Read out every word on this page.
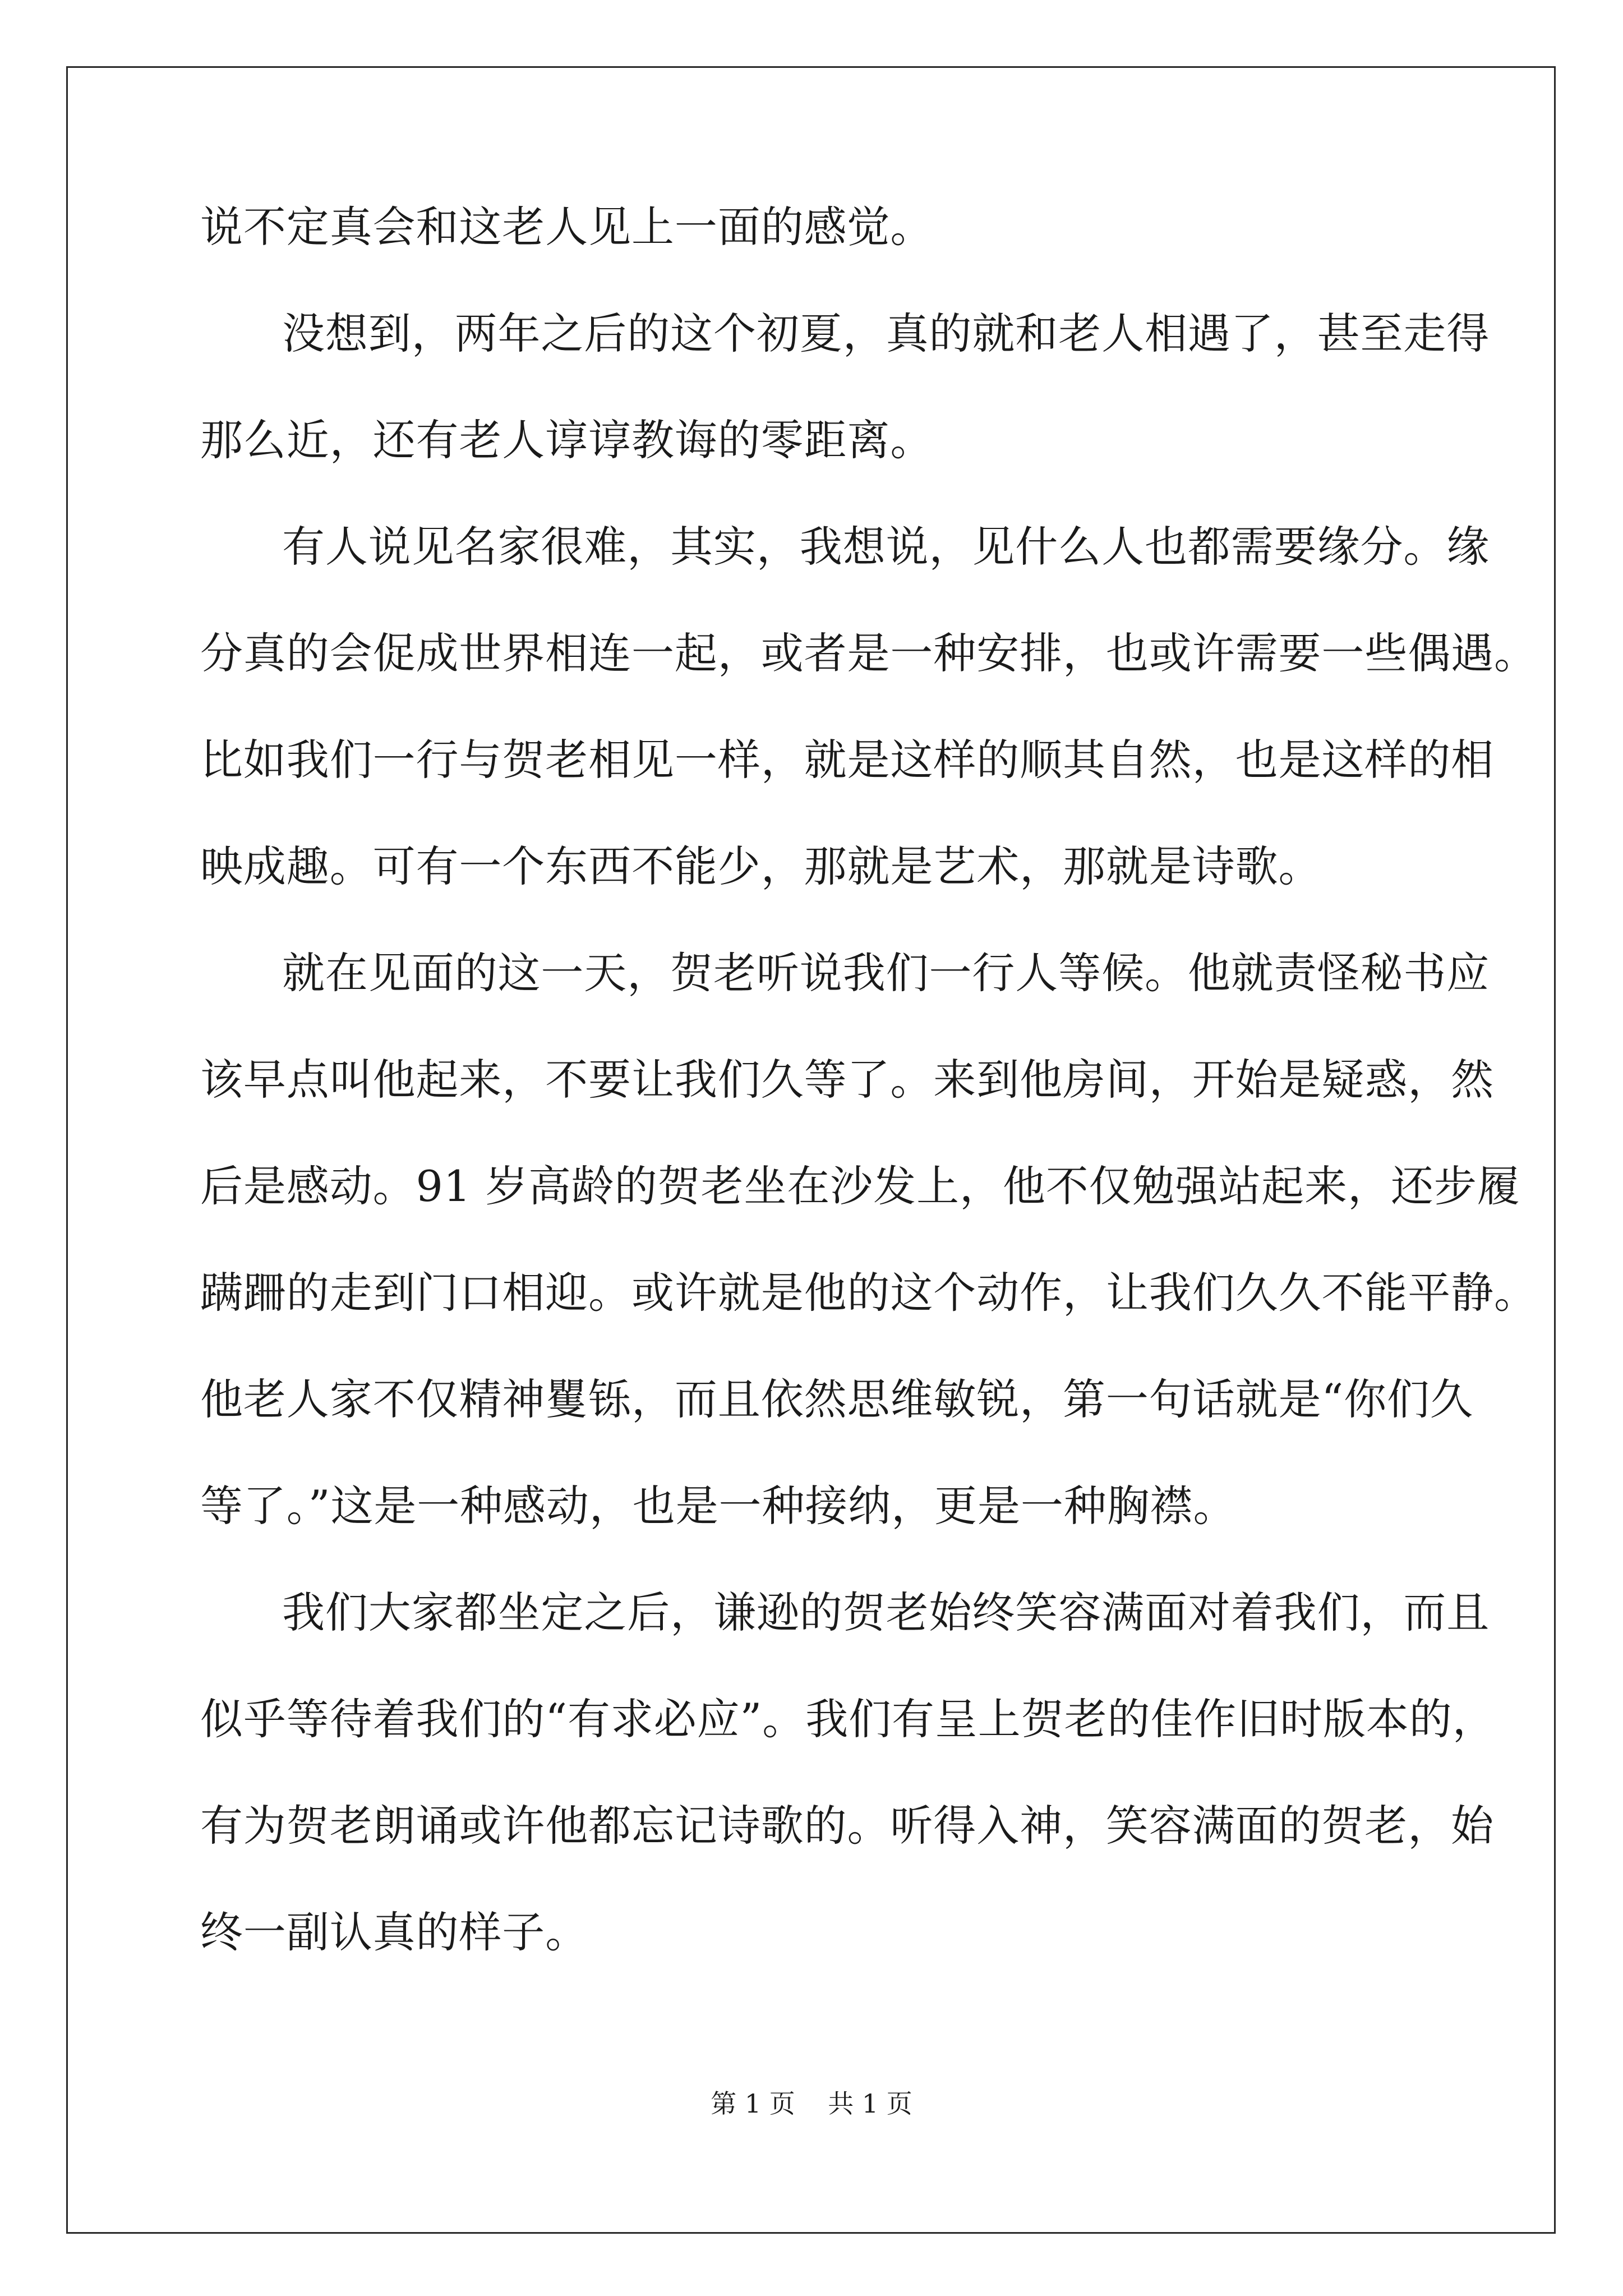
说不定真会和这老人见上一面的感觉。
没想到，两年之后的这个初夏，真的就和老人相遇了，甚至走得
那么近，还有老人谆谆教诲的零距离。
有人说见名家很难，其实，我想说，见什么人也都需要缘分。缘
分真的会促成世界相连一起，或者是一种安排，也或许需要一些偶遇。
比如我们一行与贺老相见一样，就是这样的顺其自然，也是这样的相
映成趣。可有一个东西不能少，那就是艺术，那就是诗歌。
就在见面的这一天，贺老听说我们一行人等候。他就责怪秘书应
该早点叫他起来，不要让我们久等了。来到他房间，开始是疑惑，然
后是感动。91 岁高龄的贺老坐在沙发上，他不仅勉强站起来，还步履
蹒跚的走到门口相迎。或许就是他的这个动作，让我们久久不能平静。
他老人家不仅精神矍铄，而且依然思维敏锐，第一句话就是“你们久
等了。”这是一种感动，也是一种接纳，更是一种胸襟。
我们大家都坐定之后，谦逊的贺老始终笑容满面对着我们，而且
似乎等待着我们的“有求必应”。我们有呈上贺老的佳作旧时版本的，
有为贺老朗诵或许他都忘记诗歌的。听得入神，笑容满面的贺老，始
终一副认真的样子。
第 1 页    共 1 页
